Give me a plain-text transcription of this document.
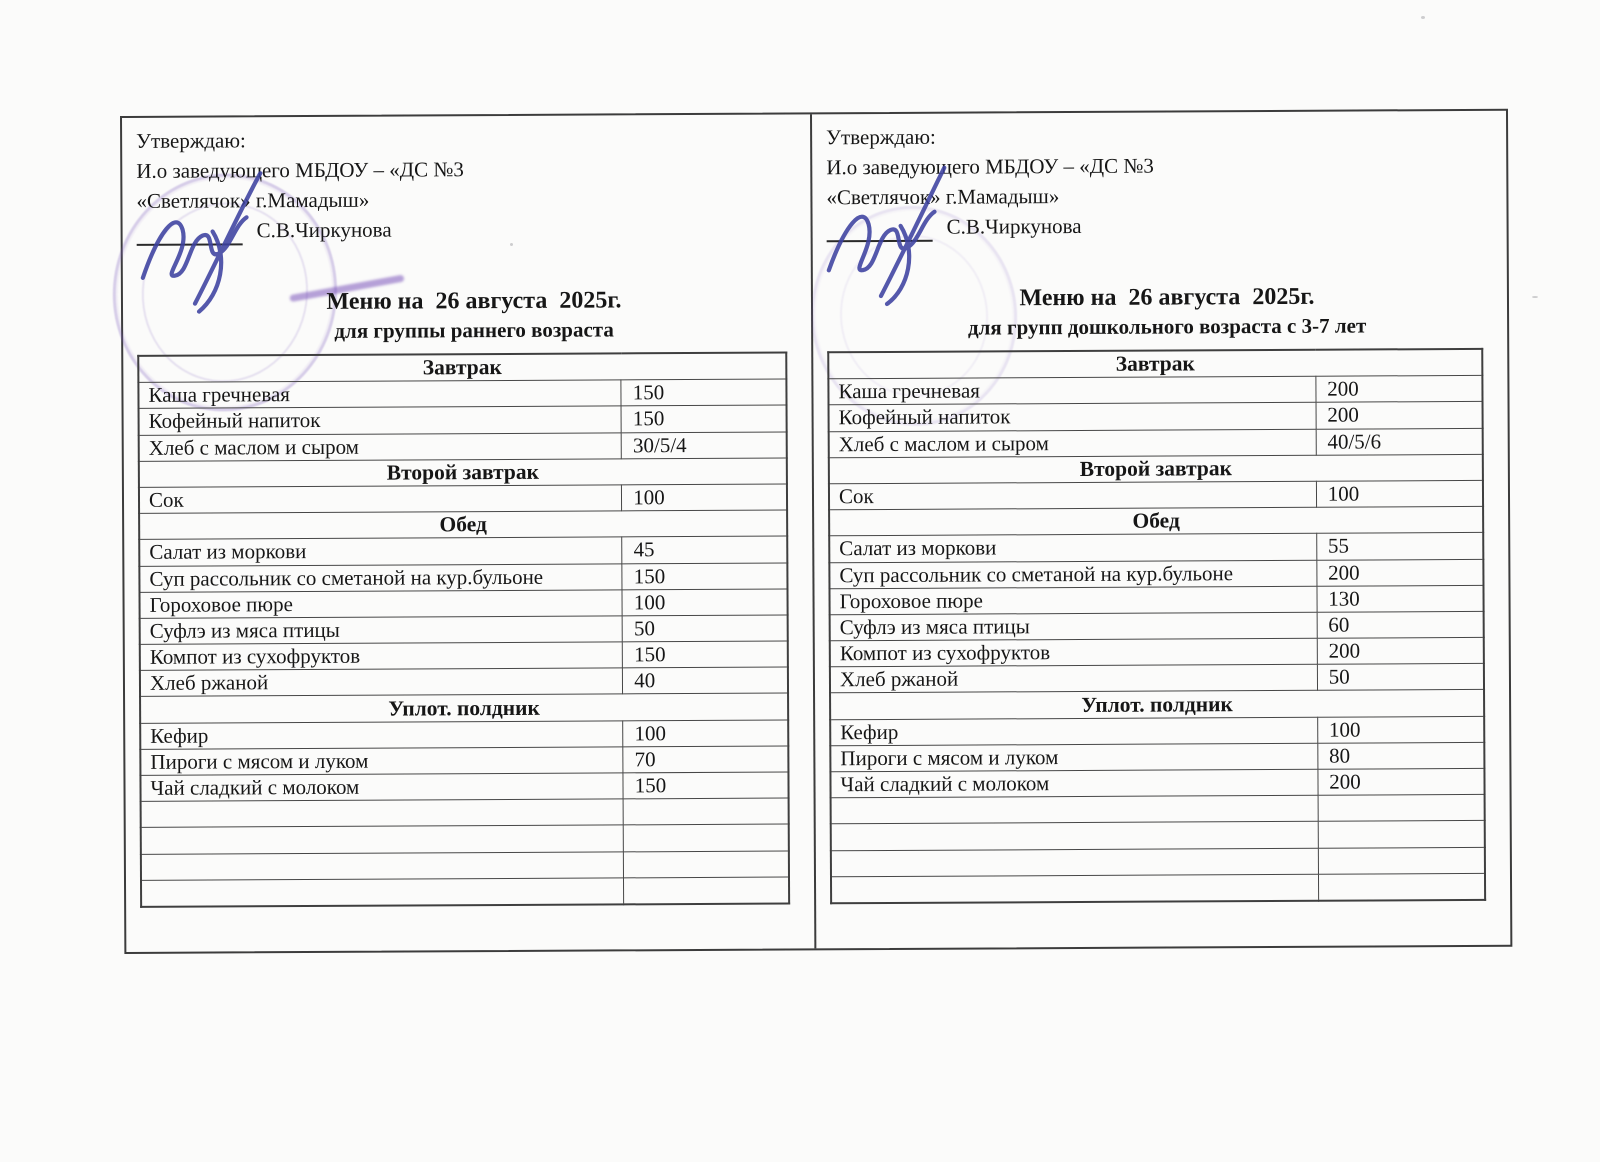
Утверждаю:
И.о заведующего МБДОУ – «ДС №3
«Светлячок» г.Мамадыш»
С.В.Чиркунова
Меню на  26 августа  2025г.
для группы раннего возраста
Завтрак	
Каша гречневая	150
Кофейный напиток	150
Хлеб с маслом и сыром	30/5/4
Второй завтрак	
Сок	100
Обед	
Салат из моркови	45
Суп рассольник со сметаной на кур.бульоне	150
Гороховое пюре	100
Суфлэ из мяса птицы	50
Компот из сухофруктов	150
Хлеб ржаной	40
Уплот. полдник	
Кефир	100
Пироги с мясом и луком	70
Чай сладкий с молоком	150

Утверждаю:
И.о заведующего МБДОУ – «ДС №3
«Светлячок» г.Мамадыш»
С.В.Чиркунова
Меню на  26 августа  2025г.
для групп дошкольного возраста с 3-7 лет
Завтрак	
Каша гречневая	200
Кофейный напиток	200
Хлеб с маслом и сыром	40/5/6
Второй завтрак	
Сок	100
Обед	
Салат из моркови	55
Суп рассольник со сметаной на кур.бульоне	200
Гороховое пюре	130
Суфлэ из мяса птицы	60
Компот из сухофруктов	200
Хлеб ржаной	50
Уплот. полдник	
Кефир	100
Пироги с мясом и луком	80
Чай сладкий с молоком	200
